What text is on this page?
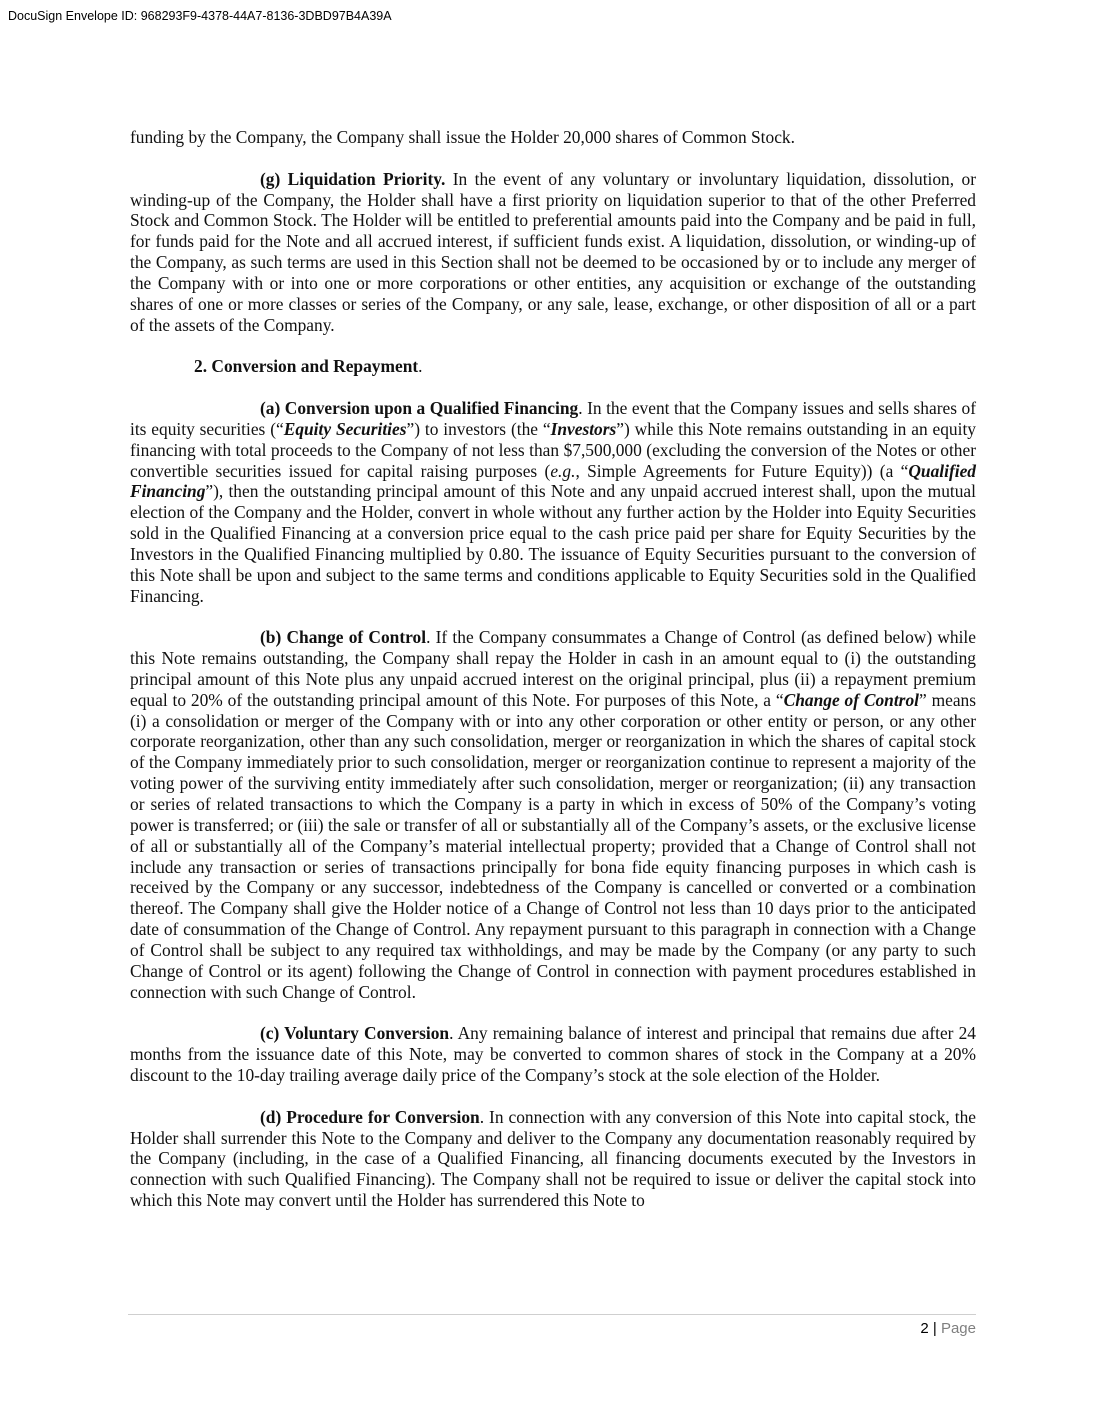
DocuSign Envelope ID: 968293F9-4378-44A7-8136-3DBD97B4A39A

funding by the Company, the Company shall issue the Holder 20,000 shares of Common Stock.

(g) Liquidation Priority. In the event of any voluntary or involuntary liquidation, dissolution, or winding-up of the Company, the Holder shall have a first priority on liquidation superior to that of the other Preferred Stock and Common Stock. The Holder will be entitled to preferential amounts paid into the Company and be paid in full, for funds paid for the Note and all accrued interest, if sufficient funds exist. A liquidation, dissolution, or winding-up of the Company, as such terms are used in this Section shall not be deemed to be occasioned by or to include any merger of the Company with or into one or more corporations or other entities, any acquisition or exchange of the outstanding shares of one or more classes or series of the Company, or any sale, lease, exchange, or other disposition of all or a part of the assets of the Company.

2. Conversion and Repayment.

(a) Conversion upon a Qualified Financing. In the event that the Company issues and sells shares of its equity securities (“Equity Securities”) to investors (the “Investors”) while this Note remains outstanding in an equity financing with total proceeds to the Company of not less than $7,500,000 (excluding the conversion of the Notes or other convertible securities issued for capital raising purposes (e.g., Simple Agreements for Future Equity)) (a “Qualified Financing”), then the outstanding principal amount of this Note and any unpaid accrued interest shall, upon the mutual election of the Company and the Holder, convert in whole without any further action by the Holder into Equity Securities sold in the Qualified Financing at a conversion price equal to the cash price paid per share for Equity Securities by the Investors in the Qualified Financing multiplied by 0.80. The issuance of Equity Securities pursuant to the conversion of this Note shall be upon and subject to the same terms and conditions applicable to Equity Securities sold in the Qualified Financing.

(b) Change of Control. If the Company consummates a Change of Control (as defined below) while this Note remains outstanding, the Company shall repay the Holder in cash in an amount equal to (i) the outstanding principal amount of this Note plus any unpaid accrued interest on the original principal, plus (ii) a repayment premium equal to 20% of the outstanding principal amount of this Note. For purposes of this Note, a “Change of Control” means (i) a consolidation or merger of the Company with or into any other corporation or other entity or person, or any other corporate reorganization, other than any such consolidation, merger or reorganization in which the shares of capital stock of the Company immediately prior to such consolidation, merger or reorganization continue to represent a majority of the voting power of the surviving entity immediately after such consolidation, merger or reorganization; (ii) any transaction or series of related transactions to which the Company is a party in which in excess of 50% of the Company’s voting power is transferred; or (iii) the sale or transfer of all or substantially all of the Company’s assets, or the exclusive license of all or substantially all of the Company’s material intellectual property; provided that a Change of Control shall not include any transaction or series of transactions principally for bona fide equity financing purposes in which cash is received by the Company or any successor, indebtedness of the Company is cancelled or converted or a combination thereof. The Company shall give the Holder notice of a Change of Control not less than 10 days prior to the anticipated date of consummation of the Change of Control. Any repayment pursuant to this paragraph in connection with a Change of Control shall be subject to any required tax withholdings, and may be made by the Company (or any party to such Change of Control or its agent) following the Change of Control in connection with payment procedures established in connection with such Change of Control.

(c) Voluntary Conversion. Any remaining balance of interest and principal that remains due after 24 months from the issuance date of this Note, may be converted to common shares of stock in the Company at a 20% discount to the 10-day trailing average daily price of the Company’s stock at the sole election of the Holder.

(d) Procedure for Conversion. In connection with any conversion of this Note into capital stock, the Holder shall surrender this Note to the Company and deliver to the Company any documentation reasonably required by the Company (including, in the case of a Qualified Financing, all financing documents executed by the Investors in connection with such Qualified Financing). The Company shall not be required to issue or deliver the capital stock into which this Note may convert until the Holder has surrendered this Note to

2 | Page
